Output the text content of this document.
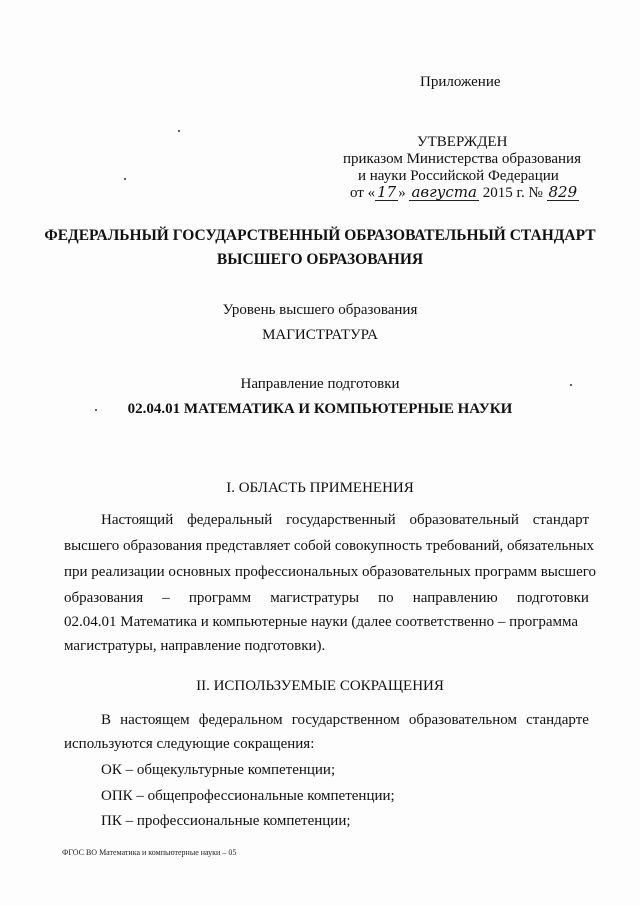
Приложение
УТВЕРЖДЕН
приказом Министерства образования
и науки Российской Федерации
от « 17 » августа 2015 г. № 829
ФЕДЕРАЛЬНЫЙ ГОСУДАРСТВЕННЫЙ ОБРАЗОВАТЕЛЬНЫЙ СТАНДАРТ
ВЫСШЕГО ОБРАЗОВАНИЯ
Уровень высшего образования
МАГИСТРАТУРА
Направление подготовки
02.04.01 МАТЕМАТИКА И КОМПЬЮТЕРНЫЕ НАУКИ
I. ОБЛАСТЬ ПРИМЕНЕНИЯ
Настоящий федеральный государственный образовательный стандарт
высшего образования представляет собой совокупность требований, обязательных
при реализации основных профессиональных образовательных программ высшего
образования – программ магистратуры по направлению подготовки
02.04.01 Математика и компьютерные науки (далее соответственно – программа
магистратуры, направление подготовки).
II. ИСПОЛЬЗУЕМЫЕ СОКРАЩЕНИЯ
В настоящем федеральном государственном образовательном стандарте
используются следующие сокращения:
ОК – общекультурные компетенции;
ОПК – общепрофессиональные компетенции;
ПК – профессиональные компетенции;
ФГОС ВО Математика и компьютерные науки – 05
